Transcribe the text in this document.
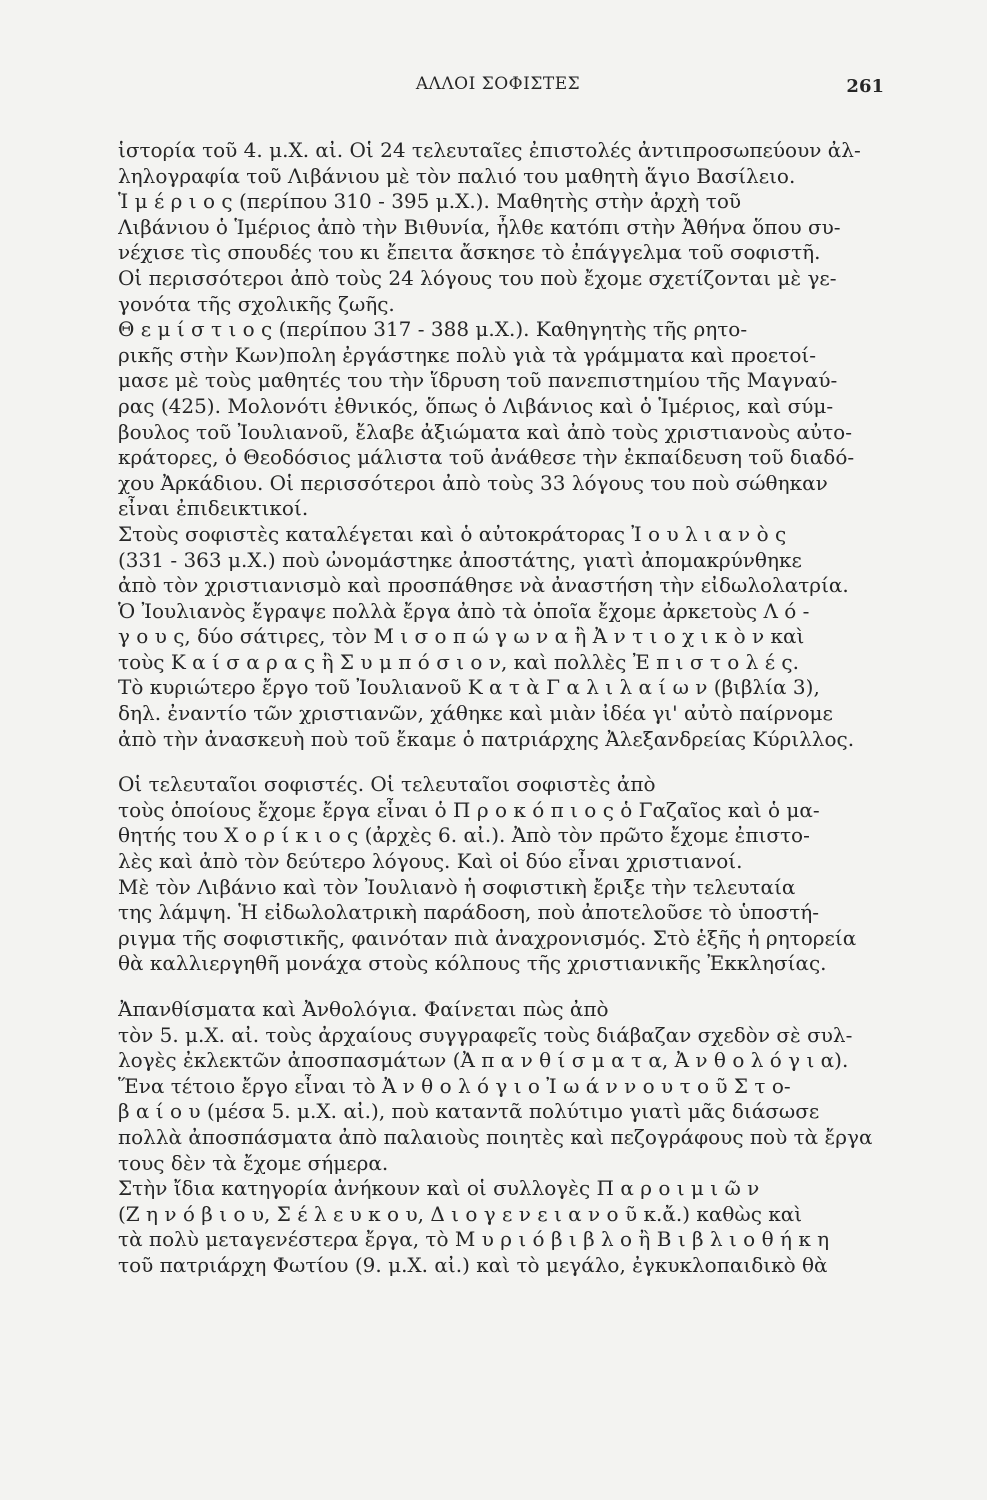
ΑΛΛΟΙ ΣΟΦΙΣΤΕΣ	261
ἱστορία τοῦ 4. μ.Χ. αἰ. Οἱ 24 τελευταῖες ἐπιστολές ἀντιπροσωπεύουν ἀλ-
ληλογραφία τοῦ Λιβάνιου μὲ τὸν παλιό του μαθητὴ ἅγιο Βασίλειο.
Ἱ μ έ ρ ι ο ς (περίπου 310 - 395 μ.Χ.). Μαθητὴς στὴν ἀρχὴ τοῦ
Λιβάνιου ὁ Ἱμέριος ἀπὸ τὴν Βιθυνία, ἦλθε κατόπι στὴν Ἀθήνα ὅπου συ-
νέχισε τὶς σπουδές του κι ἔπειτα ἄσκησε τὸ ἐπάγγελμα τοῦ σοφιστῆ.
Οἱ περισσότεροι ἀπὸ τοὺς 24 λόγους του ποὺ ἔχομε σχετίζονται μὲ γε-
γονότα τῆς σχολικῆς ζωῆς.
Θ ε μ ί σ τ ι ο ς (περίπου 317 - 388 μ.Χ.). Καθηγητὴς τῆς ρητο-
ρικῆς στὴν Κων)πολη ἐργάστηκε πολὺ γιὰ τὰ γράμματα καὶ προετοί-
μασε μὲ τοὺς μαθητές του τὴν ἵδρυση τοῦ πανεπιστημίου τῆς Μαγναύ-
ρας (425). Μολονότι ἐθνικός, ὅπως ὁ Λιβάνιος καὶ ὁ Ἱμέριος, καὶ σύμ-
βουλος τοῦ Ἰουλιανοῦ, ἔλαβε ἀξιώματα καὶ ἀπὸ τοὺς χριστιανοὺς αὐτο-
κράτορες, ὁ Θεοδόσιος μάλιστα τοῦ ἀνάθεσε τὴν ἐκπαίδευση τοῦ διαδό-
χου Ἀρκάδιου. Οἱ περισσότεροι ἀπὸ τοὺς 33 λόγους του ποὺ σώθηκαν
εἶναι ἐπιδεικτικοί.
Στοὺς σοφιστὲς καταλέγεται καὶ ὁ αὐτοκράτορας Ἰ ο υ λ ι α ν ὸ ς
(331 - 363 μ.Χ.) ποὺ ὠνομάστηκε ἀποστάτης, γιατὶ ἀπομακρύνθηκε
ἀπὸ τὸν χριστιανισμὸ καὶ προσπάθησε νὰ ἀναστήση τὴν εἰδωλολατρία.
Ὁ Ἰουλιανὸς ἔγραψε πολλὰ ἔργα ἀπὸ τὰ ὁποῖα ἔχομε ἀρκετοὺς Λ ό -
γ ο υ ς, δύο σάτιρες, τὸν Μ ι σ ο π ώ γ ω ν α ἢ Ἀ ν τ ι ο χ ι κ ὸ ν καὶ
τοὺς Κ α ί σ α ρ α ς ἢ Σ υ μ π ό σ ι ο ν, καὶ πολλὲς Ἐ π ι σ τ ο λ έ ς.
Τὸ κυριώτερο ἔργο τοῦ Ἰουλιανοῦ Κ α τ ὰ Γ α λ ι λ α ί ω ν (βιβλία 3),
δηλ. ἐναντίο τῶν χριστιανῶν, χάθηκε καὶ μιὰν ἰδέα γι' αὐτὸ παίρνομε
ἀπὸ τὴν ἀνασκευὴ ποὺ τοῦ ἔκαμε ὁ πατριάρχης Ἀλεξανδρείας Κύριλλος.
Οἱ τελευταῖοι σοφιστές. Οἱ τελευταῖοι σοφιστὲς ἀπὸ
τοὺς ὁποίους ἔχομε ἔργα εἶναι ὁ Π ρ ο κ ό π ι ο ς ὁ Γαζαῖος καὶ ὁ μα-
θητής του Χ ο ρ ί κ ι ο ς (ἀρχὲς 6. αἰ.). Ἀπὸ τὸν πρῶτο ἔχομε ἐπιστο-
λὲς καὶ ἀπὸ τὸν δεύτερο λόγους. Καὶ οἱ δύο εἶναι χριστιανοί.
Μὲ τὸν Λιβάνιο καὶ τὸν Ἰουλιανὸ ἡ σοφιστικὴ ἔριξε τὴν τελευταία
της λάμψη. Ἡ εἰδωλολατρικὴ παράδοση, ποὺ ἀποτελοῦσε τὸ ὑποστή-
ριγμα τῆς σοφιστικῆς, φαινόταν πιὰ ἀναχρονισμός. Στὸ ἑξῆς ἡ ρητορεία
θὰ καλλιεργηθῆ μονάχα στοὺς κόλπους τῆς χριστιανικῆς Ἐκκλησίας.
Ἀπανθίσματα καὶ Ἀνθολόγια. Φαίνεται πὼς ἀπὸ
τὸν 5. μ.Χ. αἰ. τοὺς ἀρχαίους συγγραφεῖς τοὺς διάβαζαν σχεδὸν σὲ συλ-
λογὲς ἐκλεκτῶν ἀποσπασμάτων (Ἀ π α ν θ ί σ μ α τ α, Ἀ ν θ ο λ ό γ ι α).
Ἕνα τέτοιο ἔργο εἶναι τὸ Ἀ ν θ ο λ ό γ ι ο Ἰ ω ά ν ν ο υ τ ο ῦ Σ τ ο-
β α ί ο υ (μέσα 5. μ.Χ. αἰ.), ποὺ καταντᾶ πολύτιμο γιατὶ μᾶς διάσωσε
πολλὰ ἀποσπάσματα ἀπὸ παλαιοὺς ποιητὲς καὶ πεζογράφους ποὺ τὰ ἔργα
τους δὲν τὰ ἔχομε σήμερα.
Στὴν ἴδια κατηγορία ἀνήκουν καὶ οἱ συλλογὲς Π α ρ ο ι μ ι ῶ ν
(Ζ η ν ό β ι ο υ, Σ έ λ ε υ κ ο υ, Δ ι ο γ ε ν ε ι α ν ο ῦ κ.ἄ.) καθὼς καὶ
τὰ πολὺ μεταγενέστερα ἔργα, τὸ Μ υ ρ ι ό β ι β λ ο ἢ Β ι β λ ι ο θ ή κ η
τοῦ πατριάρχη Φωτίου (9. μ.Χ. αἰ.) καὶ τὸ μεγάλο, ἐγκυκλοπαιδικὸ θὰ
